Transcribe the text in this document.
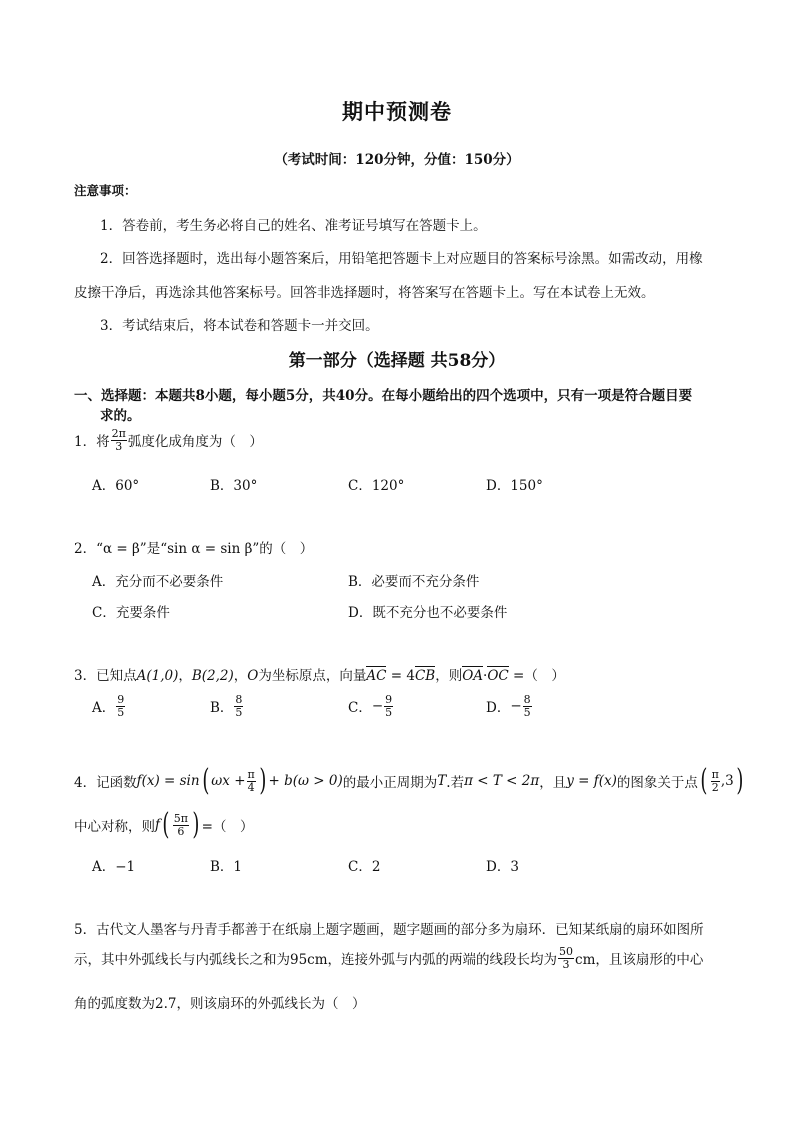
期中预测卷
（考试时间：120分钟，分值：150分）
注意事项：
1．答卷前，考生务必将自己的姓名、准考证号填写在答题卡上。
2．回答选择题时，选出每小题答案后，用铅笔把答题卡上对应题目的答案标号涂黑。如需改动，用橡
皮擦干净后，再选涂其他答案标号。回答非选择题时，将答案写在答题卡上。写在本试卷上无效。
3．考试结束后，将本试卷和答题卡一并交回。
第一部分（选择题 共58分）
一、选择题：本题共8小题，每小题5分，共40分。在每小题给出的四个选项中，只有一项是符合题目要
求的。
1．将 $\frac{2\pi}{3}$ 弧度化成角度为（　）
A．60°	B．30°	C．120°	D．150°
2．“α = β”是“sin α = sin β”的（　）
A．充分而不必要条件	B．必要而不充分条件
C．充要条件	D．既不充分也不必要条件
3．已知点A(1,0)，B(2,2)，O为坐标原点，向量AC = 4CB，则OA·OC =（　）
A． $\frac{9}{5}$	B． $\frac{8}{5}$	C． − $\frac{9}{5}$	D． − $\frac{8}{5}$
4．记函数 f(x) = sin ( $\omega x + \frac{\pi}{4}$ ) + b(ω > 0) 的最小正周期为 T .若 π < T < 2π ，且 y = f(x) 的图象关于点 ( $\frac{\pi}{2} ,3$ )
中心对称，则 f ( $\frac{5\pi}{6}$ ) =（　）
A．−1	B．1	C．2	D．3
5．古代文人墨客与丹青手都善于在纸扇上题字题画，题字题画的部分多为扇环．已知某纸扇的扇环如图所
示，其中外弧线长与内弧线长之和为95cm，连接外弧与内弧的两端的线段长均为 $\frac{50}{3}$ cm，且该扇形的中心
角的弧度数为2.7，则该扇环的外弧线长为（　）
